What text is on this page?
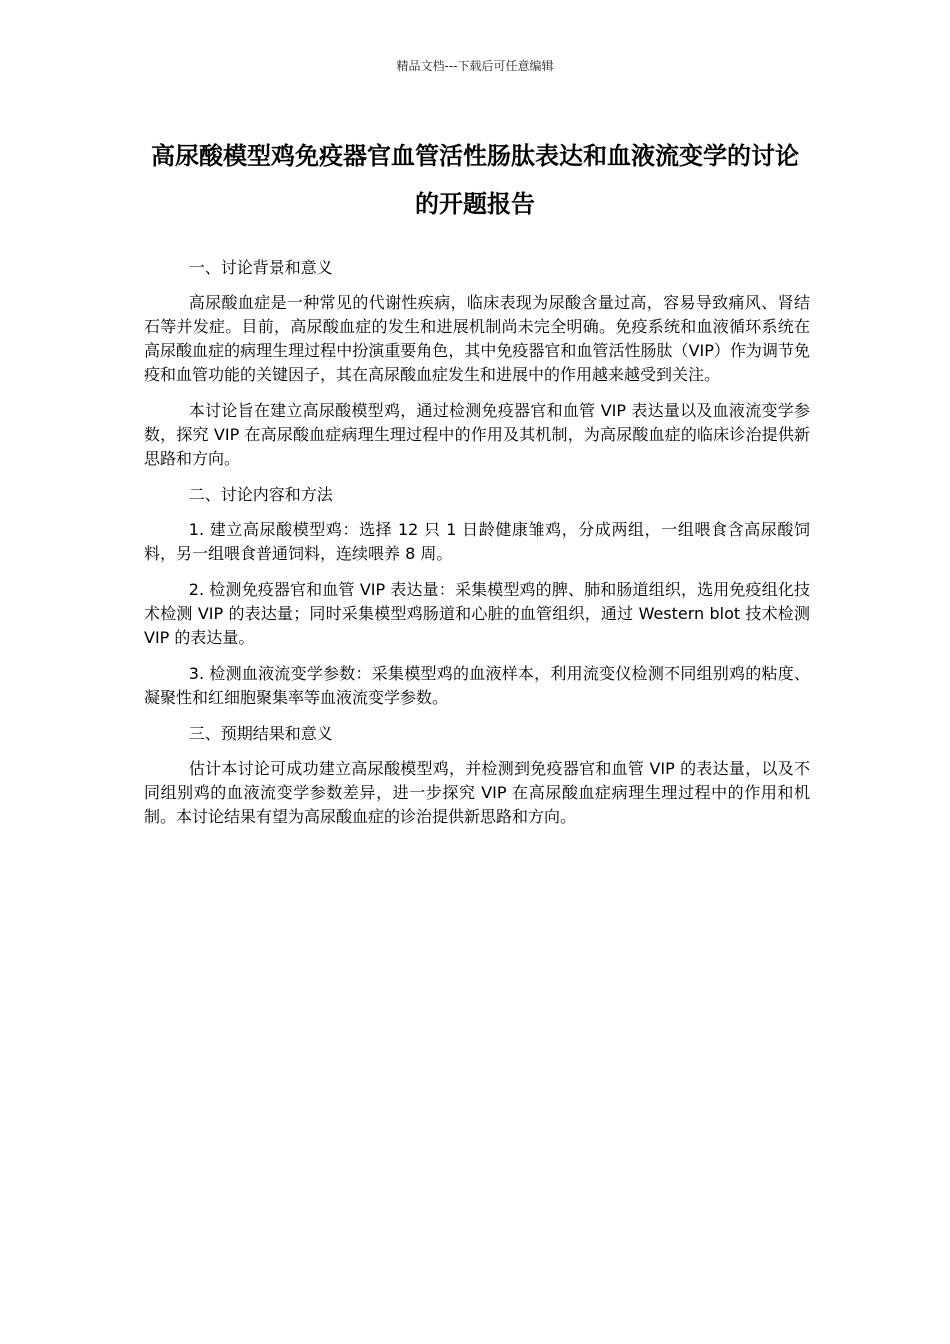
精品文档---下载后可任意编辑
高尿酸模型鸡免疫器官血管活性肠肽表达和血液流变学的讨论的开题报告

一、讨论背景和意义

高尿酸血症是一种常见的代谢性疾病，临床表现为尿酸含量过高，容易导致痛风、肾结石等并发症。目前，高尿酸血症的发生和进展机制尚未完全明确。免疫系统和血液循环系统在高尿酸血症的病理生理过程中扮演重要角色，其中免疫器官和血管活性肠肽（VIP）作为调节免疫和血管功能的关键因子，其在高尿酸血症发生和进展中的作用越来越受到关注。

本讨论旨在建立高尿酸模型鸡，通过检测免疫器官和血管 VIP 表达量以及血液流变学参数，探究 VIP 在高尿酸血症病理生理过程中的作用及其机制，为高尿酸血症的临床诊治提供新思路和方向。

二、讨论内容和方法

1. 建立高尿酸模型鸡：选择 12 只 1 日龄健康雏鸡，分成两组，一组喂食含高尿酸饲料，另一组喂食普通饲料，连续喂养 8 周。

2. 检测免疫器官和血管 VIP 表达量：采集模型鸡的脾、肺和肠道组织，选用免疫组化技术检测 VIP 的表达量；同时采集模型鸡肠道和心脏的血管组织，通过 Western blot 技术检测 VIP 的表达量。

3. 检测血液流变学参数：采集模型鸡的血液样本，利用流变仪检测不同组别鸡的粘度、凝聚性和红细胞聚集率等血液流变学参数。

三、预期结果和意义

估计本讨论可成功建立高尿酸模型鸡，并检测到免疫器官和血管 VIP 的表达量，以及不同组别鸡的血液流变学参数差异，进一步探究 VIP 在高尿酸血症病理生理过程中的作用和机制。本讨论结果有望为高尿酸血症的诊治提供新思路和方向。
